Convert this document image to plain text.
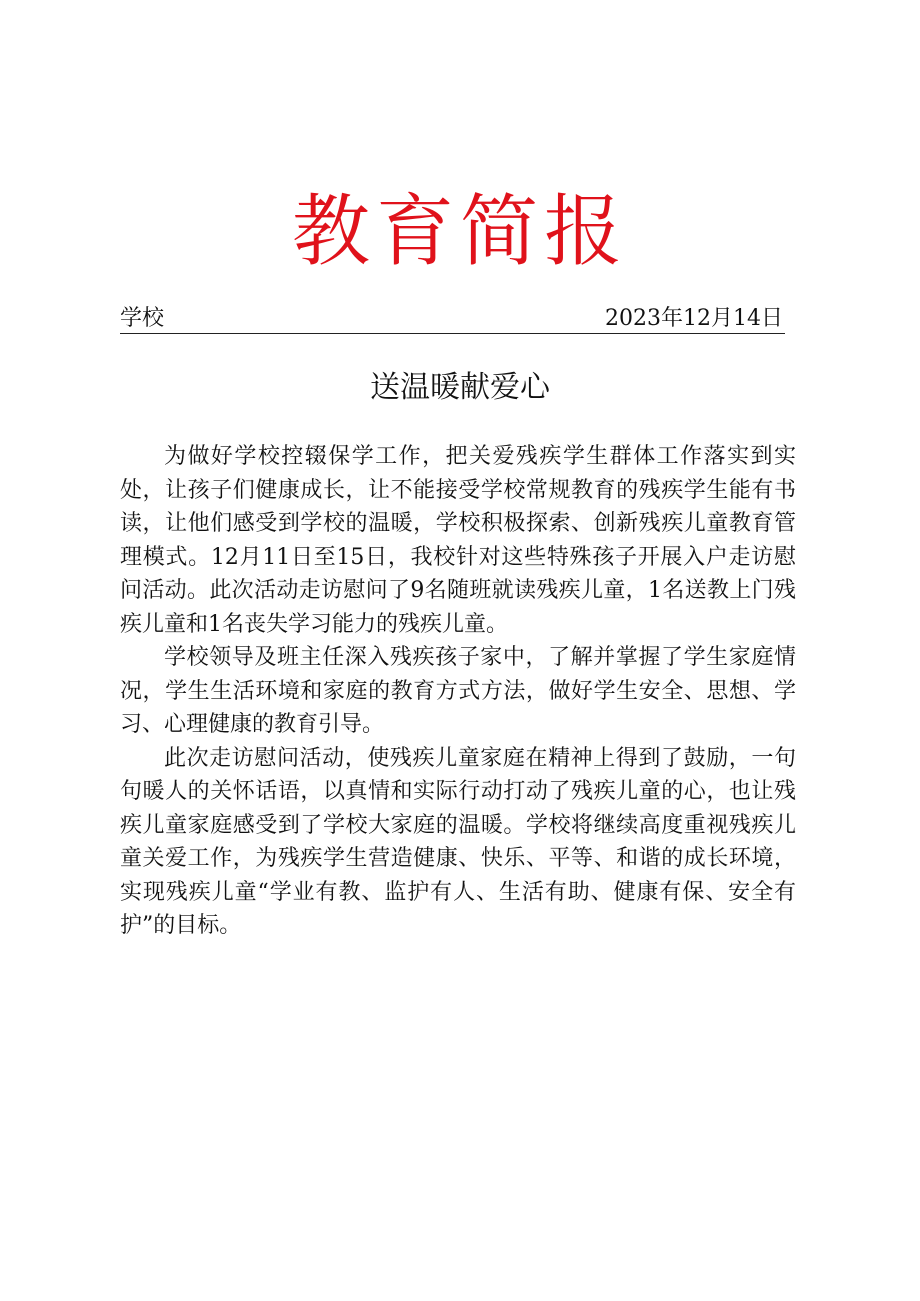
教育简报
学校	2023年12月14日
送温暖献爱心

为做好学校控辍保学工作，把关爱残疾学生群体工作落实到实处，让孩子们健康成长，让不能接受学校常规教育的残疾学生能有书读，让他们感受到学校的温暖，学校积极探索、创新残疾儿童教育管理模式。12月11日至15日，我校针对这些特殊孩子开展入户走访慰问活动。此次活动走访慰问了9名随班就读残疾儿童，1名送教上门残疾儿童和1名丧失学习能力的残疾儿童。

学校领导及班主任深入残疾孩子家中，了解并掌握了学生家庭情况，学生生活环境和家庭的教育方式方法，做好学生安全、思想、学习、心理健康的教育引导。

此次走访慰问活动，使残疾儿童家庭在精神上得到了鼓励，一句句暖人的关怀话语，以真情和实际行动打动了残疾儿童的心，也让残疾儿童家庭感受到了学校大家庭的温暖。学校将继续高度重视残疾儿童关爱工作，为残疾学生营造健康、快乐、平等、和谐的成长环境，实现残疾儿童“学业有教、监护有人、生活有助、健康有保、安全有护”的目标。
